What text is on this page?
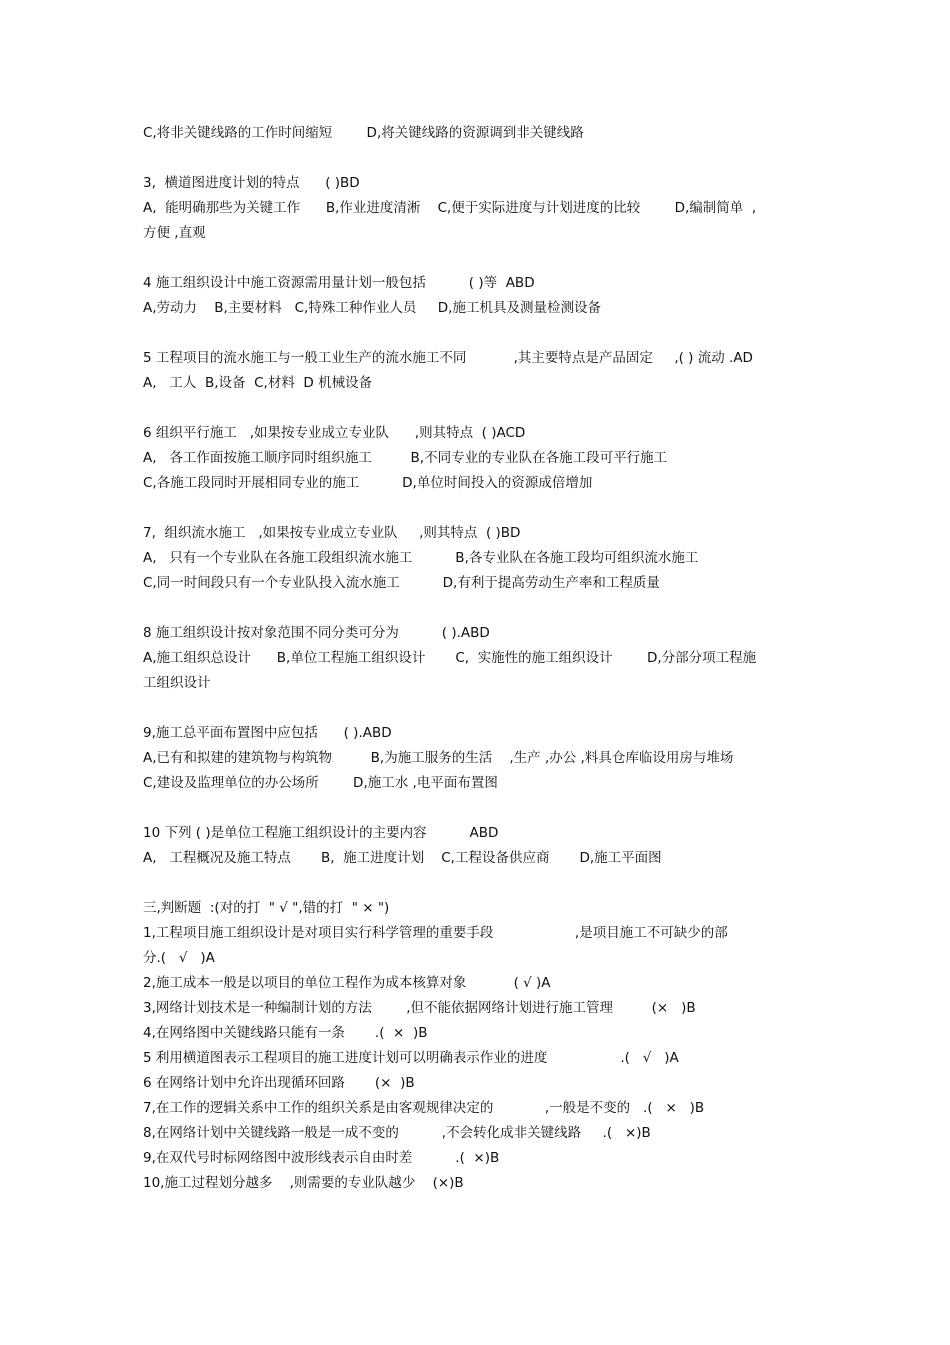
C,将非关键线路的工作时间缩短        D,将关键线路的资源调到非关键线路
3,  横道图进度计划的特点      ( )BD
A,  能明确那些为关键工作      B,作业进度清淅    C,便于实际进度与计划进度的比较        D,编制简单  ,
方便 ,直观
4 施工组织设计中施工资源需用量计划一般包括          ( )等  ABD
A,劳动力    B,主要材料   C,特殊工种作业人员     D,施工机具及测量检测设备
5 工程项目的流水施工与一般工业生产的流水施工不同           ,其主要特点是产品固定     ,( ) 流动 .AD
A,   工人  B,设备  C,材料  D 机械设备
6 组织平行施工   ,如果按专业成立专业队      ,则其特点  ( )ACD
A,   各工作面按施工顺序同时组织施工         B,不同专业的专业队在各施工段可平行施工
C,各施工段同时开展相同专业的施工          D,单位时间投入的资源成倍增加
7,  组织流水施工   ,如果按专业成立专业队     ,则其特点  ( )BD
A,   只有一个专业队在各施工段组织流水施工          B,各专业队在各施工段均可组织流水施工
C,同一时间段只有一个专业队投入流水施工          D,有利于提高劳动生产率和工程质量
8 施工组织设计按对象范围不同分类可分为          ( ).ABD
A,施工组织总设计      B,单位工程施工组织设计       C,  实施性的施工组织设计        D,分部分项工程施
工组织设计
9,施工总平面布置图中应包括      ( ).ABD
A,已有和拟建的建筑物与构筑物         B,为施工服务的生活    ,生产 ,办公 ,料具仓库临设用房与堆场
C,建设及监理单位的办公场所        D,施工水 ,电平面布置图
10 下列 ( )是单位工程施工组织设计的主要内容          ABD
A,   工程概况及施工特点       B,  施工进度计划    C,工程设备供应商       D,施工平面图
三,判断题  :(对的打  " √ ",错的打  " × ")
1,工程项目施工组织设计是对项目实行科学管理的重要手段                   ,是项目施工不可缺少的部
分.(   √   )A
2,施工成本一般是以项目的单位工程作为成本核算对象           ( √ )A
3,网络计划技术是一种编制计划的方法        ,但不能依据网络计划进行施工管理         (×   )B
4,在网络图中关键线路只能有一条       .(  ×  )B
5 利用横道图表示工程项目的施工进度计划可以明确表示作业的进度                 .(   √   )A
6 在网络计划中允许出现循环回路       (×  )B
7,在工作的逻辑关系中工作的组织关系是由客观规律决定的            ,一般是不变的   .(   ×   )B
8,在网络计划中关键线路一般是一成不变的          ,不会转化成非关键线路     .(   ×)B
9,在双代号时标网络图中波形线表示自由时差          .(  ×)B
10,施工过程划分越多    ,则需要的专业队越少    (×)B
